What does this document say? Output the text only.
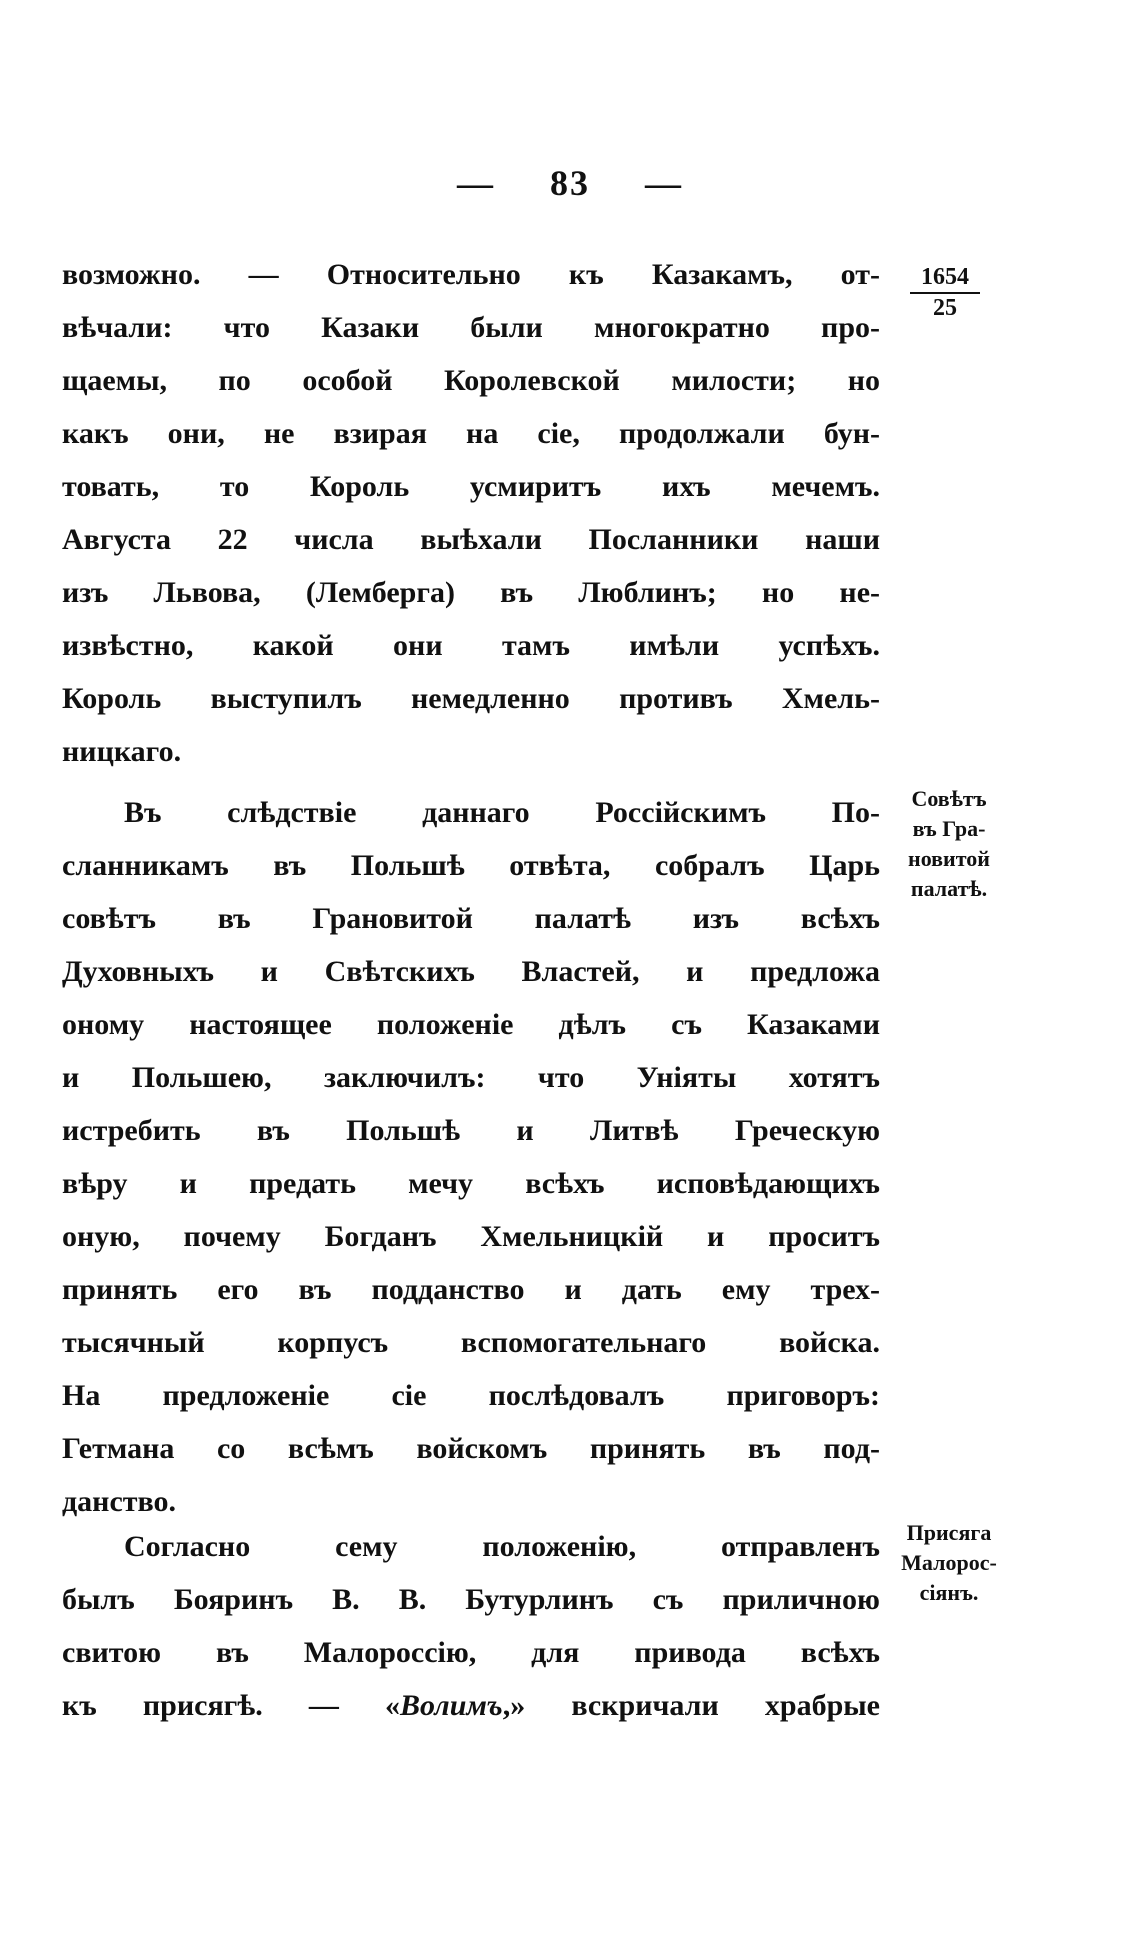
— 83 —
1654
25
возможно. — Относительно къ Казакамъ, от-
вѣчали: что Казаки были многократно про-
щаемы, по особой Королевской милости; но
какъ они, не взирая на сіе, продолжали бун-
товать, то Король усмиритъ ихъ мечемъ.
Августа 22 числа выѣхали Посланники наши
изъ Львова, (Лемберга) въ Люблинъ; но не-
извѣстно, какой они тамъ имѣли успѣхъ.
Король выступилъ немедленно противъ Хмель-
ницкаго.
Въ слѣдствіе даннаго Россійскимъ По-
сланникамъ въ Польшѣ отвѣта, собралъ Царь
совѣтъ въ Грановитой палатѣ изъ всѣхъ
Духовныхъ и Свѣтскихъ Властей, и предложа
оному настоящее положеніе дѣлъ съ Казаками
и Польшею, заключилъ: что Уніяты хотятъ
истребить въ Польшѣ и Литвѣ Греческую
вѣру и предать мечу всѣхъ исповѣдающихъ
оную, почему Богданъ Хмельницкій и проситъ
принять его въ подданство и дать ему трех-
тысячный корпусъ вспомогательнаго войска.
На предложеніе сіе послѣдовалъ приговоръ:
Гетмана со всѣмъ войскомъ принять въ под-
данство.
Согласно сему положенію, отправленъ
былъ Бояринъ В. В. Бутурлинъ съ приличною
свитою въ Малороссію, для привода всѣхъ
къ присягѣ. — «Волимъ,» вскричали храбрые
Совѣтъ
въ Гра-
новитой
палатѣ.
Присяга
Малорос-
сіянъ.
